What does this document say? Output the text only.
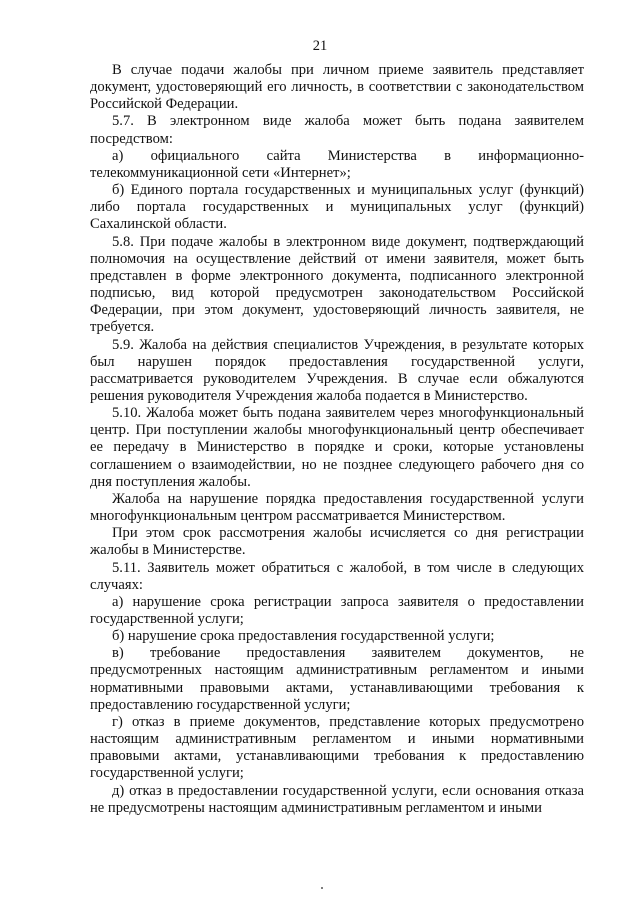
21

В случае подачи жалобы при личном приеме заявитель представляет документ, удостоверяющий его личность, в соответствии с законодательством Российской Федерации.

5.7. В электронном виде жалоба может быть подана заявителем посредством:

а) официального сайта Министерства в информационно-телекоммуникационной сети «Интернет»;

б) Единого портала государственных и муниципальных услуг (функций) либо портала государственных и муниципальных услуг (функций) Сахалинской области.

5.8. При подаче жалобы в электронном виде документ, подтверждающий полномочия на осуществление действий от имени заявителя, может быть представлен в форме электронного документа, подписанного электронной подписью, вид которой предусмотрен законодательством Российской Федерации, при этом документ, удостоверяющий личность заявителя, не требуется.

5.9. Жалоба на действия специалистов Учреждения, в результате которых был нарушен порядок предоставления государственной услуги, рассматривается руководителем Учреждения. В случае если обжалуются решения руководителя Учреждения жалоба подается в Министерство.

5.10. Жалоба может быть подана заявителем через многофункциональный центр. При поступлении жалобы многофункциональный центр обеспечивает ее передачу в Министерство в порядке и сроки, которые установлены соглашением о взаимодействии, но не позднее следующего рабочего дня со дня поступления жалобы.

Жалоба на нарушение порядка предоставления государственной услуги многофункциональным центром рассматривается Министерством.

При этом срок рассмотрения жалобы исчисляется со дня регистрации жалобы в Министерстве.

5.11. Заявитель может обратиться с жалобой, в том числе в следующих случаях:

а) нарушение срока регистрации запроса заявителя о предоставлении государственной услуги;

б) нарушение срока предоставления государственной услуги;

в) требование предоставления заявителем документов, не предусмотренных настоящим административным регламентом и иными нормативными правовыми актами, устанавливающими требования к предоставлению государственной услуги;

г) отказ в приеме документов, представление которых предусмотрено настоящим административным регламентом и иными нормативными правовыми актами, устанавливающими требования к предоставлению государственной услуги;

д) отказ в предоставлении государственной услуги, если основания отказа не предусмотрены настоящим административным регламентом и иными
